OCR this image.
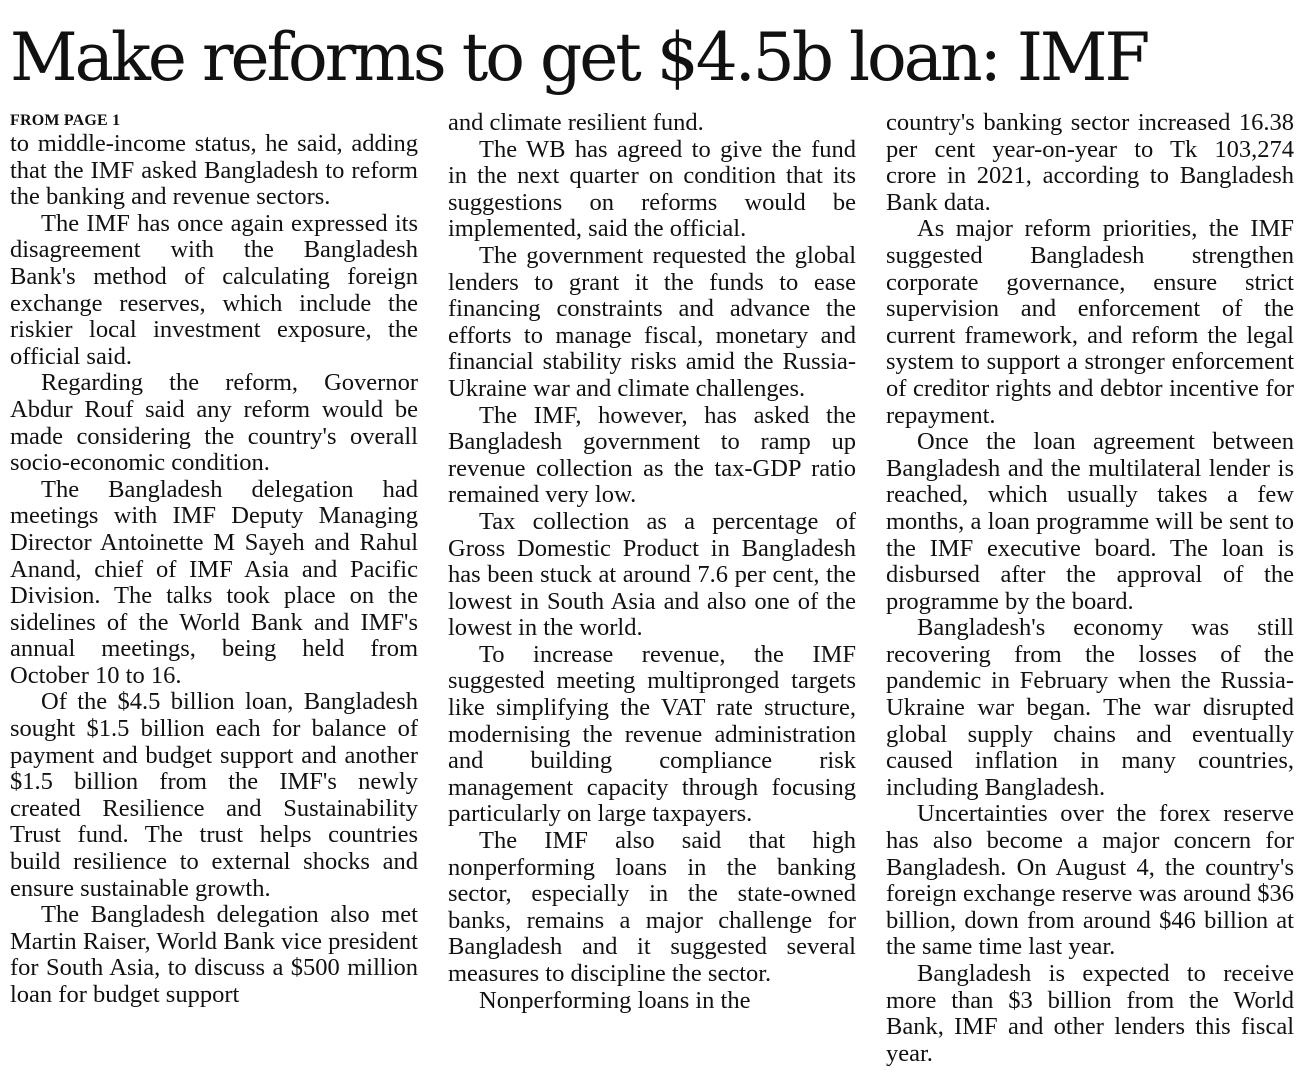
Make reforms to get $4.5b loan: IMF
FROM PAGE 1

to middle-income status, he said, adding that the IMF asked Bangladesh to reform the banking and revenue sectors.

The IMF has once again expressed its disagreement with the Bangladesh Bank's method of calculating foreign exchange reserves, which include the riskier local investment exposure, the official said.

Regarding the reform, Governor Abdur Rouf said any reform would be made considering the country's overall socio-economic condition.

The Bangladesh delegation had meetings with IMF Deputy Managing Director Antoinette M Sayeh and Rahul Anand, chief of IMF Asia and Pacific Division. The talks took place on the sidelines of the World Bank and IMF's annual meetings, being held from October 10 to 16.

Of the $4.5 billion loan, Bangladesh sought $1.5 billion each for balance of payment and budget support and another $1.5 billion from the IMF's newly created Resilience and Sustainability Trust fund. The trust helps countries build resilience to external shocks and ensure sustainable growth.

The Bangladesh delegation also met Martin Raiser, World Bank vice president for South Asia, to discuss a $500 million loan for budget support

and climate resilient fund.

The WB has agreed to give the fund in the next quarter on condition that its suggestions on reforms would be implemented, said the official.

The government requested the global lenders to grant it the funds to ease financing constraints and advance the efforts to manage fiscal, monetary and financial stability risks amid the Russia-Ukraine war and climate challenges.

The IMF, however, has asked the Bangladesh government to ramp up revenue collection as the tax-GDP ratio remained very low.

Tax collection as a percentage of Gross Domestic Product in Bangladesh has been stuck at around 7.6 per cent, the lowest in South Asia and also one of the lowest in the world.

To increase revenue, the IMF suggested meeting multipronged targets like simplifying the VAT rate structure, modernising the revenue administration and building compliance risk management capacity through focusing particularly on large taxpayers.

The IMF also said that high nonperforming loans in the banking sector, especially in the state-owned banks, remains a major challenge for Bangladesh and it suggested several measures to discipline the sector.

Nonperforming loans in the

country's banking sector increased 16.38 per cent year-on-year to Tk 103,274 crore in 2021, according to Bangladesh Bank data.

As major reform priorities, the IMF suggested Bangladesh strengthen corporate governance, ensure strict supervision and enforcement of the current framework, and reform the legal system to support a stronger enforcement of creditor rights and debtor incentive for repayment.

Once the loan agreement between Bangladesh and the multilateral lender is reached, which usually takes a few months, a loan programme will be sent to the IMF executive board. The loan is disbursed after the approval of the programme by the board.

Bangladesh's economy was still recovering from the losses of the pandemic in February when the Russia-Ukraine war began. The war disrupted global supply chains and eventually caused inflation in many countries, including Bangladesh.

Uncertainties over the forex reserve has also become a major concern for Bangladesh. On August 4, the country's foreign exchange reserve was around $36 billion, down from around $46 billion at the same time last year.

Bangladesh is expected to receive more than $3 billion from the World Bank, IMF and other lenders this fiscal year.
